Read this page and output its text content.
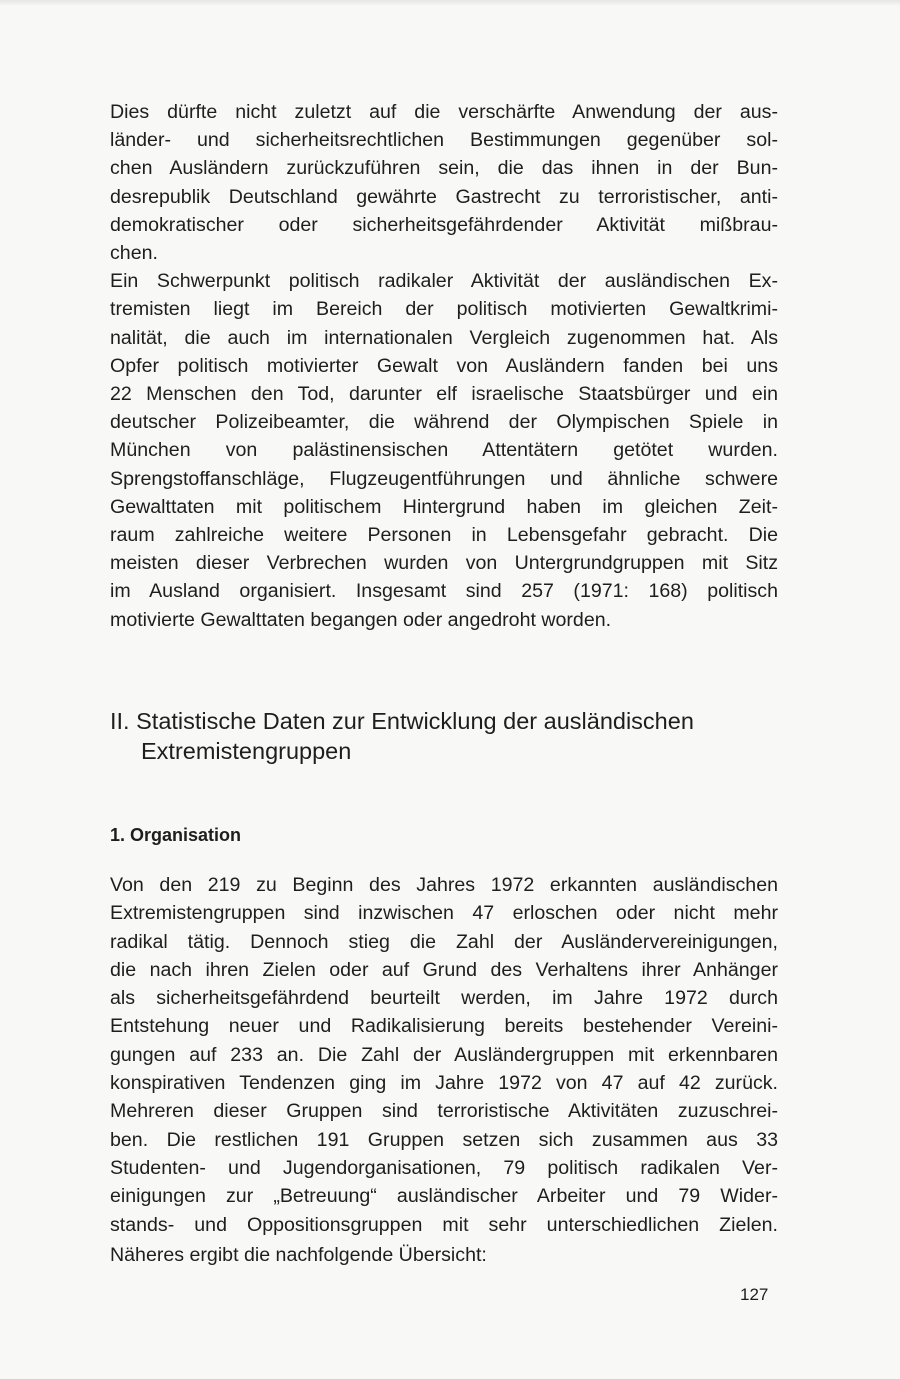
Dies dürfte nicht zuletzt auf die verschärfte Anwendung der aus-
länder- und sicherheitsrechtlichen Bestimmungen gegenüber sol-
chen Ausländern zurückzuführen sein, die das ihnen in der Bun-
desrepublik Deutschland gewährte Gastrecht zu terroristischer, anti-
demokratischer oder sicherheitsgefährdender Aktivität mißbrau-
chen.
Ein Schwerpunkt politisch radikaler Aktivität der ausländischen Ex-
tremisten liegt im Bereich der politisch motivierten Gewaltkrimi-
nalität, die auch im internationalen Vergleich zugenommen hat. Als
Opfer politisch motivierter Gewalt von Ausländern fanden bei uns
22 Menschen den Tod, darunter elf israelische Staatsbürger und ein
deutscher Polizeibeamter, die während der Olympischen Spiele in
München von palästinensischen Attentätern getötet wurden.
Sprengstoffanschläge, Flugzeugentführungen und ähnliche schwere
Gewalttaten mit politischem Hintergrund haben im gleichen Zeit-
raum zahlreiche weitere Personen in Lebensgefahr gebracht. Die
meisten dieser Verbrechen wurden von Untergrundgruppen mit Sitz
im Ausland organisiert. Insgesamt sind 257 (1971: 168) politisch
motivierte Gewalttaten begangen oder angedroht worden.

II. Statistische Daten zur Entwicklung der ausländischen
Extremistengruppen
1. Organisation

Von den 219 zu Beginn des Jahres 1972 erkannten ausländischen
Extremistengruppen sind inzwischen 47 erloschen oder nicht mehr
radikal tätig. Dennoch stieg die Zahl der Ausländervereinigungen,
die nach ihren Zielen oder auf Grund des Verhaltens ihrer Anhänger
als sicherheitsgefährdend beurteilt werden, im Jahre 1972 durch
Entstehung neuer und Radikalisierung bereits bestehender Vereini-
gungen auf 233 an. Die Zahl der Ausländergruppen mit erkennbaren
konspirativen Tendenzen ging im Jahre 1972 von 47 auf 42 zurück.
Mehreren dieser Gruppen sind terroristische Aktivitäten zuzuschrei-
ben. Die restlichen 191 Gruppen setzen sich zusammen aus 33
Studenten- und Jugendorganisationen, 79 politisch radikalen Ver-
einigungen zur „Betreuung“ ausländischer Arbeiter und 79 Wider-
stands- und Oppositionsgruppen mit sehr unterschiedlichen Zielen.
Näheres ergibt die nachfolgende Übersicht:

127
